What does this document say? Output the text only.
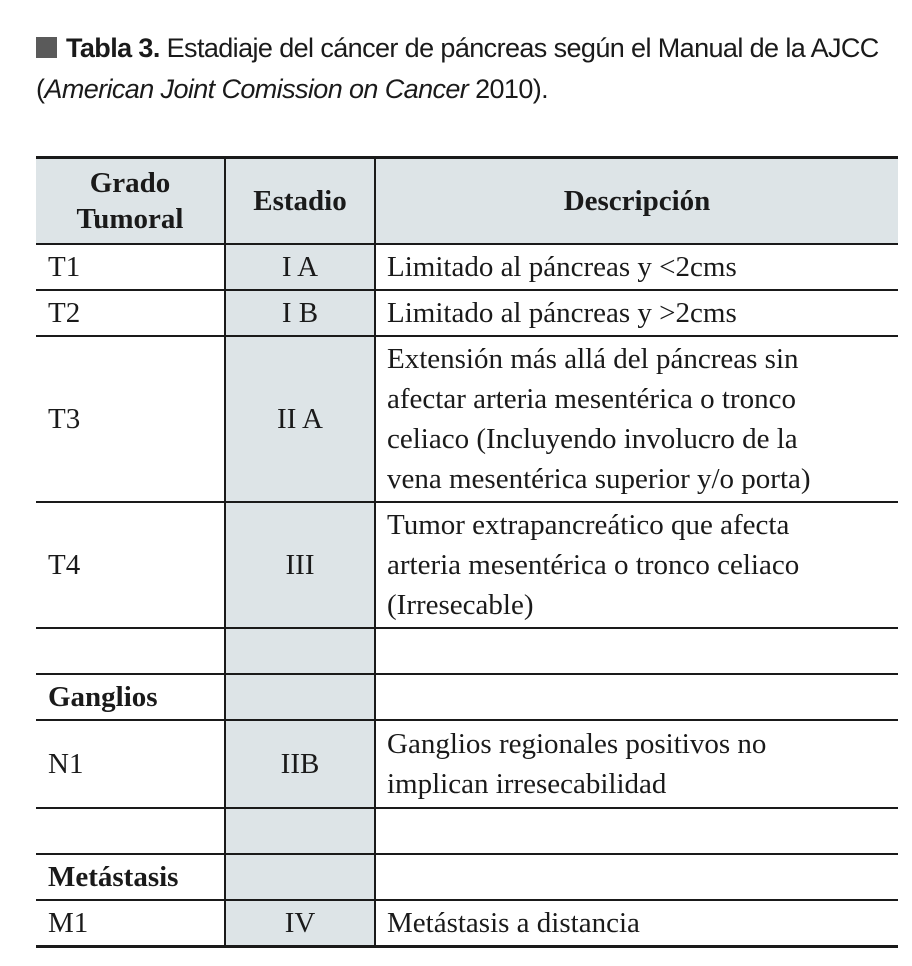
Tabla 3. Estadiaje del cáncer de páncreas según el Manual de la AJCC
(American Joint Comission on Cancer 2010).
Grado
Tumoral	Estadio	Descripción
T1	I A	Limitado al páncreas y <2cms
T2	I B	Limitado al páncreas y >2cms
T3	II A	Extensión más allá del páncreas sin
afectar arteria mesentérica o tronco
celiaco (Incluyendo involucro de la
vena mesentérica superior y/o porta)
T4	III	Tumor extrapancreático que afecta
arteria mesentérica o tronco celiaco
(Irresecable)

Ganglios		
N1	IIB	Ganglios regionales positivos no
implican irresecabilidad

Metástasis		
M1	IV	Metástasis a distancia
